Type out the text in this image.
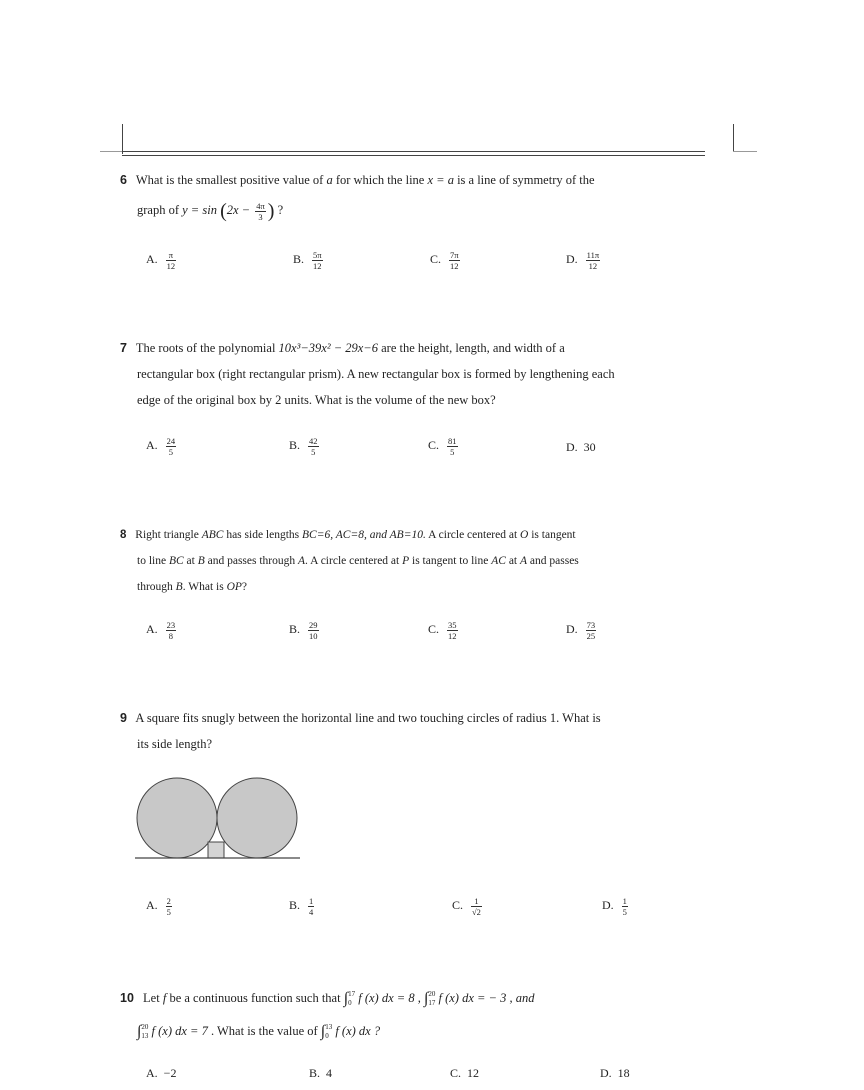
6 What is the smallest positive value of a for which the line x = a is a line of symmetry of the
graph of $y = \sin (2x - \frac{4\pi}{3}$ ) ?
A. $\frac{\pi}{12}$	B. $\frac{5\pi}{12}$	C. $\frac{7\pi}{12}$	D. $\frac{11\pi}{12}$
7 The roots of the polynomial 10x³−39x² − 29x−6 are the height, length, and width of a
rectangular box (right rectangular prism). A new rectangular box is formed by lengthening each
edge of the original box by 2 units. What is the volume of the new box?
A. $\frac{24}{5}$	B. $\frac{42}{5}$	C. $\frac{81}{5}$	D. 30
8 Right triangle ABC has side lengths BC=6, AC=8, and AB=10. A circle centered at O is tangent
to line BC at B and passes through A. A circle centered at P is tangent to line AC at A and passes
through B. What is OP?
A. $\frac{23}{8}$	B. $\frac{29}{10}$	C. $\frac{35}{12}$	D. $\frac{73}{25}$
9 A square fits snugly between the horizontal line and two touching circles of radius 1. What is
its side length?
A. $\frac{2}{5}$	B. $\frac{1}{4}$	C. $\frac{1}{√2}$	D. $\frac{1}{5}$
10 Let f be a continuous function such that ∫17
0 f (x) dx = 8 , ∫20
17 f (x) dx = − 3 , and
∫20
13 f (x) dx = 7 . What is the value of ∫13
0 f (x) dx ?
A. −2	B. 4	C. 12	D. 18
